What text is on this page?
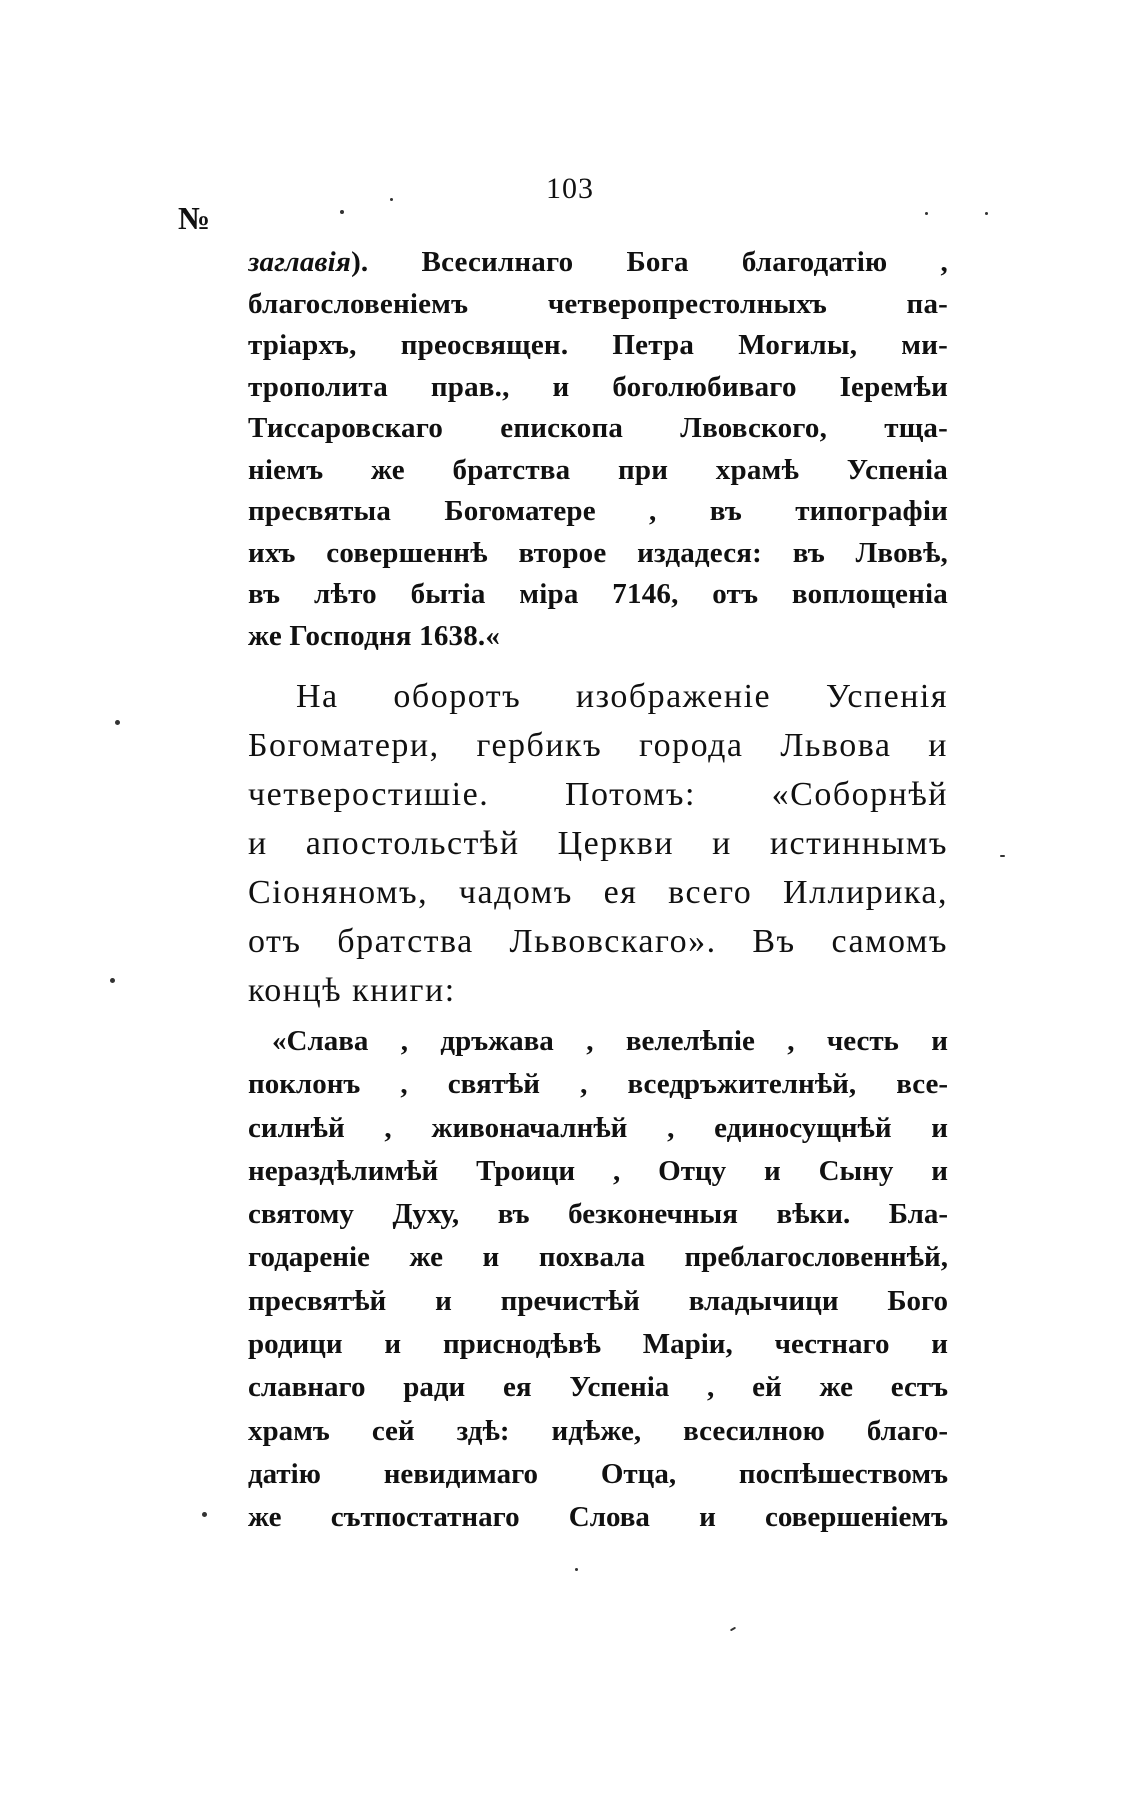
103
№
заглавія). Всесилнаго Бога благодатію ,
благословеніемъ четверопрестолныхъ па-
тріархъ, преосвящен. Петра Могилы, ми-
трополита прав., и боголюбиваго Іеремѣи
Тиссаровскаго епископа Лвовского, тща-
ніемъ же братства при храмѣ Успеніа
пресвятыа Богоматере , въ типографіи
ихъ совершеннѣ второе издадеся: въ Лвовѣ,
въ лѣто бытіа міра 7146, отъ воплощеніа
же Господня 1638.«
На оборотъ изображеніе Успенія
Богоматери, гербикъ города Львова и
четверостишіе. Потомъ: «Соборнѣй
и апостольстѣй Церкви и истиннымъ
Сіоняномъ, чадомъ ея всего Иллирика,
отъ братства Львовскаго». Въ самомъ
концѣ книги:
«Слава , дръжава , велелѣпіе , честь и
поклонъ , святѣй , вседръжителнѣй, все-
силнѣй , живоначалнѣй , единосущнѣй и
нераздѣлимѣй Троици , Отцу и Сыну и
святому Духу, въ безконечныя вѣки. Бла-
годареніе же и похвала преблагословеннѣй,
пресвятѣй и пречистѣй владычици Бого
родици и приснодѣвѣ Маріи, честнаго и
славнаго ради ея Успеніа , ей же естъ
храмъ сей здѣ: идѣже, всесилною благо-
датію невидимаго Отца, поспѣшествомъ
же сътпостатнаго Слова и совершеніемъ
